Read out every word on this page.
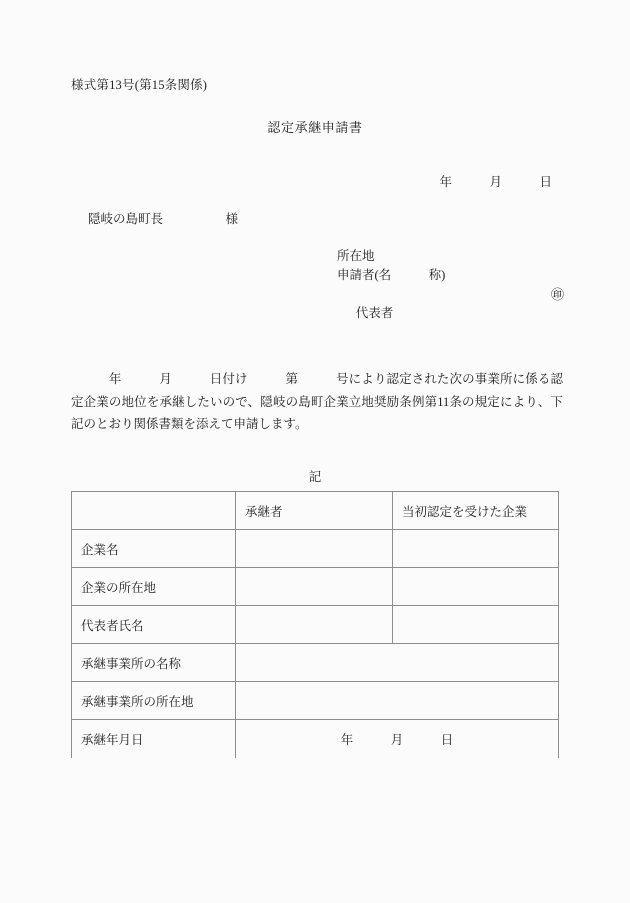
様式第13号(第15条関係)
認定承継申請書
年　　　月　　　日
隠岐の島町長　　　　　様
所在地
申請者(名　　　称)

代表者

㊞

　　　年　　　月　　　日付け　　　第　　　号により認定された次の事業所に係る認定企業の地位を承継したいので、隠岐の島町企業立地奨励条例第11条の規定により、下記のとおり関係書類を添えて申請します。

記
	承継者	当初認定を受けた企業
企業名		
企業の所在地		
代表者氏名		
承継事業所の名称		
承継事業所の所在地		
承継年月日	年　　　月　　　日	
